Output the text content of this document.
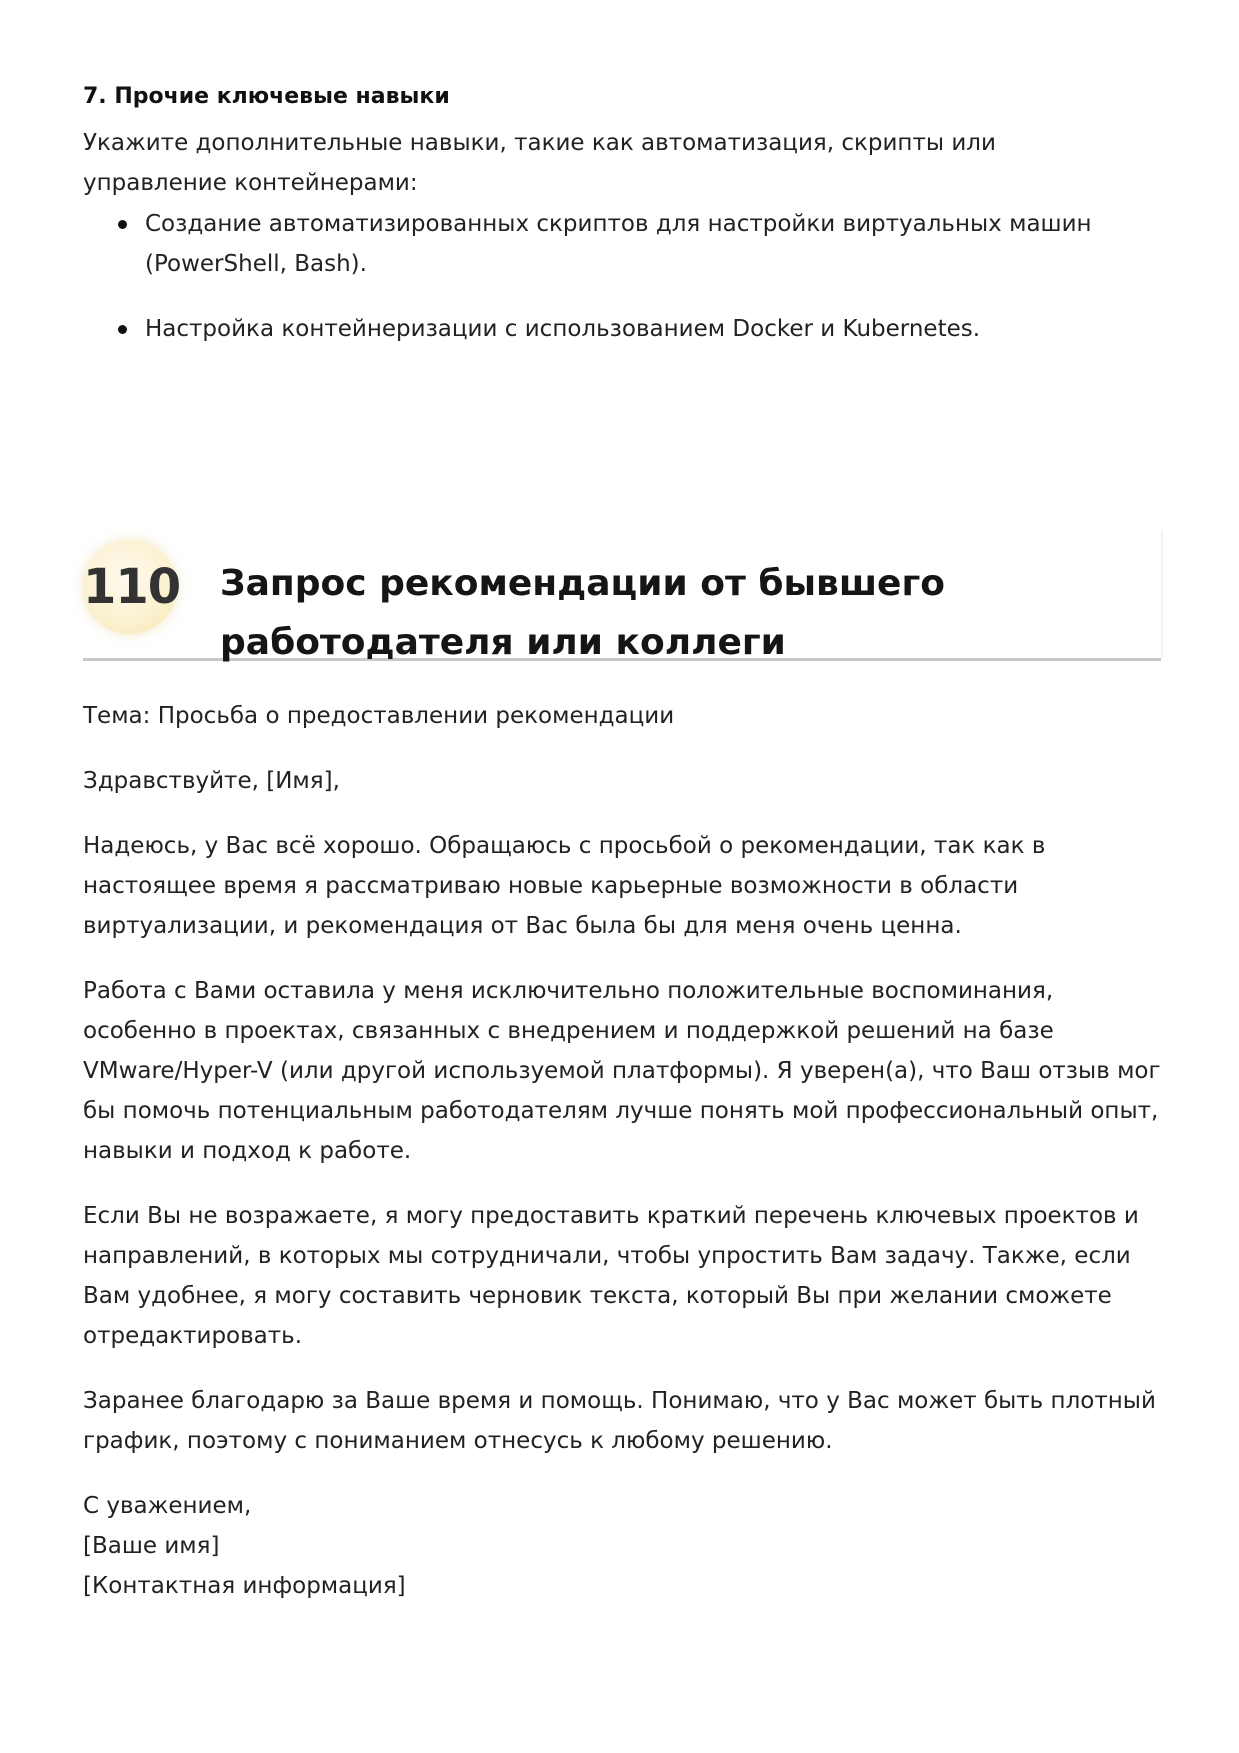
7. Прочие ключевые навыки

Укажите дополнительные навыки, такие как автоматизация, скрипты или управление контейнерами:

Создание автоматизированных скриптов для настройки виртуальных машин (PowerShell, Bash).
Настройка контейнеризации с использованием Docker и Kubernetes.
110 Запрос рекомендации от бывшего работодателя или коллеги

Тема: Просьба о предоставлении рекомендации

Здравствуйте, [Имя],

Надеюсь, у Вас всё хорошо. Обращаюсь с просьбой о рекомендации, так как в настоящее время я рассматриваю новые карьерные возможности в области виртуализации, и рекомендация от Вас была бы для меня очень ценна.

Работа с Вами оставила у меня исключительно положительные воспоминания, особенно в проектах, связанных с внедрением и поддержкой решений на базе VMware/Hyper-V (или другой используемой платформы). Я уверен(а), что Ваш отзыв мог бы помочь потенциальным работодателям лучше понять мой профессиональный опыт, навыки и подход к работе.

Если Вы не возражаете, я могу предоставить краткий перечень ключевых проектов и направлений, в которых мы сотрудничали, чтобы упростить Вам задачу. Также, если Вам удобнее, я могу составить черновик текста, который Вы при желании сможете отредактировать.

Заранее благодарю за Ваше время и помощь. Понимаю, что у Вас может быть плотный график, поэтому с пониманием отнесусь к любому решению.

С уважением,
[Ваше имя]
[Контактная информация]
